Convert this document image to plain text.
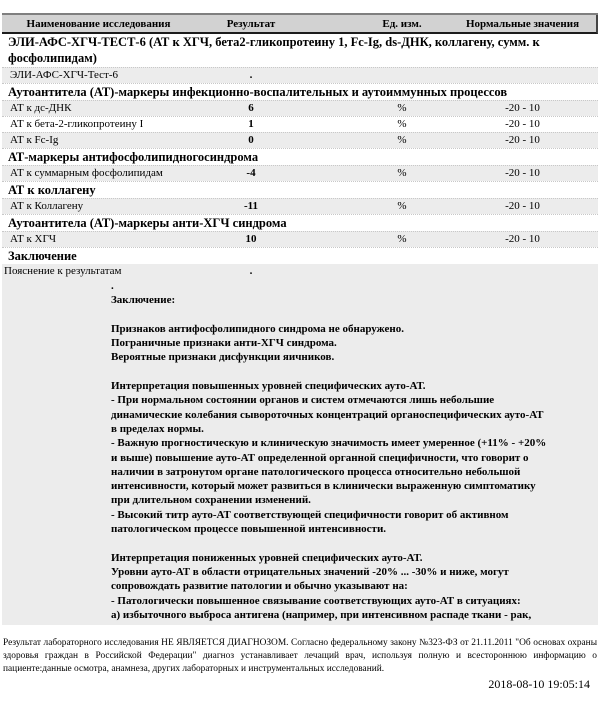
Наименование исследования	Результат	Ед. изм.	Нормальные значения
ЭЛИ-АФС-ХГЧ-ТЕСТ-6 (АТ к ХГЧ, бета2-гликопротеину 1, Fc-Ig, ds-ДНК, коллагену, сумм. к фосфолипидам)
ЭЛИ-АФС-ХГЧ-Тест-6	.
Аутоантитела (АТ)-маркеры инфекционно-воспалительных и аутоиммунных процессов
АТ к дс-ДНК	6	%	-20 - 10
АТ к бета-2-гликопротеину I	1	%	-20 - 10
АТ к Fc-Ig	0	%	-20 - 10
АТ-маркеры антифосфолипидногосиндрома
АТ к суммарным фосфолипидам	-4	%	-20 - 10
АТ к коллагену
АТ к Коллагену	-11	%	-20 - 10
Аутоантитела (АТ)-маркеры анти-ХГЧ синдрома
АТ к ХГЧ	10	%	-20 - 10
Заключение
Пояснение к результатам	.
.
Заключение:
Признаков антифосфолипидного синдрома не обнаружено.
Пограничные признаки анти-ХГЧ синдрома.
Вероятные признаки дисфункции яичников.
Интерпретация повышенных уровней специфических ауто-АТ.
- При нормальном состоянии органов и систем отмечаются лишь небольшие
динамические колебания сывороточных концентраций органоспецифических ауто-АТ
в пределах нормы.
- Важную прогностическую и клиническую значимость имеет умеренное (+11% - +20%
и выше) повышение ауто-АТ определенной органной специфичности, что говорит о
наличии в затронутом органе патологического процесса относительно небольшой
интенсивности, который может развиться в клинически выраженную симптоматику
при длительном сохранении изменений.
- Высокий титр ауто-АТ соответствующей специфичности говорит об активном
патологическом процессе повышенной интенсивности.
Интерпретация пониженных уровней специфических ауто-АТ.
Уровни ауто-АТ в области отрицательных значений -20% ... -30% и ниже, могут
сопровождать развитие патологии и обычно указывают на:
- Патологически повышенное связывание соответствующих ауто-АТ в ситуациях:
а) избыточного выброса антигена (например, при интенсивном распаде ткани - рак,
Результат лабораторного исследования НЕ ЯВЛЯЕТСЯ ДИАГНОЗОМ. Согласно федеральному закону №323-ФЗ от 21.11.2011 "Об основах охраны здоровья граждан в Российской Федерации" диагноз устанавливает лечащий врач, используя полную и всестороннюю информацию о пациенте:данные осмотра, анамнеза, других лабораторных и инструментальных исследований.
2018-08-10 19:05:14
